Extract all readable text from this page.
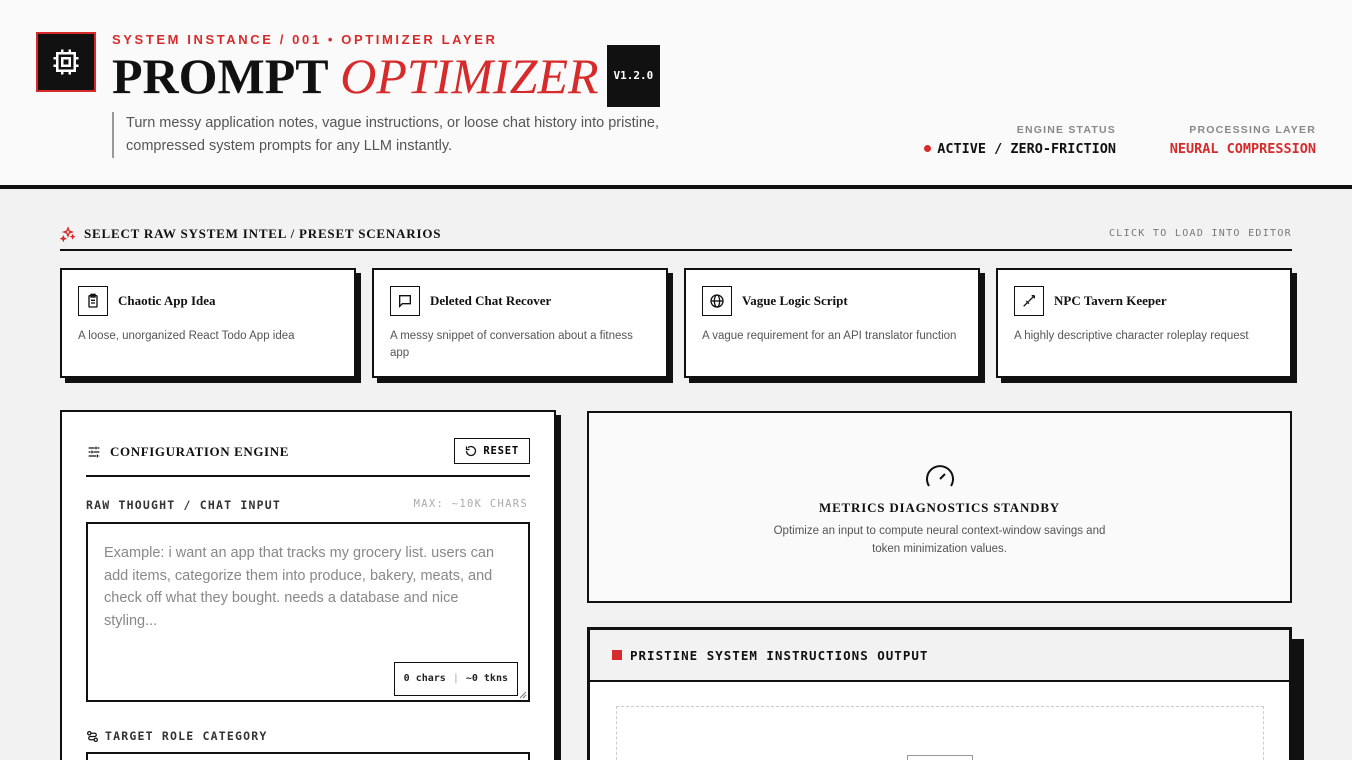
SYSTEM INSTANCE / 001 • OPTIMIZER LAYER
PROMPT OPTIMIZER V1.2.0

Turn messy application notes, vague instructions, or loose chat history into pristine, compressed system prompts for any LLM instantly.

ENGINE STATUS
ACTIVE / ZERO-FRICTION
PROCESSING LAYER
NEURAL COMPRESSION
SELECT RAW SYSTEM INTEL / PRESET SCENARIOS	CLICK TO LOAD INTO EDITOR
Chaotic App Idea
A loose, unorganized React Todo App idea
Deleted Chat Recover
A messy snippet of conversation about a fitness app
Vague Logic Script
A vague requirement for an API translator function
NPC Tavern Keeper
A highly descriptive character roleplay request
CONFIGURATION ENGINE	RESET
RAW THOUGHT / CHAT INPUT	MAX: ~10K CHARS
Example: i want an app that tracks my grocery list. users can add items, categorize them into produce, bakery, meats, and check off what they bought. needs a database and nice styling...
0 chars | ~0 tkns
TARGET ROLE CATEGORY
METRICS DIAGNOSTICS STANDBY
Optimize an input to compute neural context-window savings and token minimization values.
PRISTINE SYSTEM INSTRUCTIONS OUTPUT
